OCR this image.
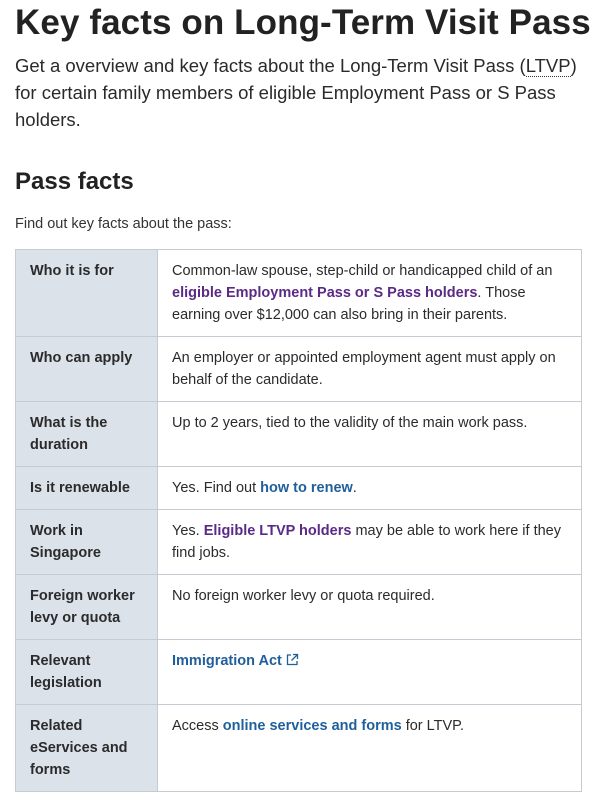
Key facts on Long-Term Visit Pass

Get a overview and key facts about the Long-Term Visit Pass (LTVP) for certain family members of eligible Employment Pass or S Pass holders.

Pass facts

Find out key facts about the pass:

Who it is for	Common-law spouse, step-child or handicapped child of an eligible Employment Pass or S Pass holders. Those earning over $12,000 can also bring in their parents.
Who can apply	An employer or appointed employment agent must apply on behalf of the candidate.
What is the duration	Up to 2 years, tied to the validity of the main work pass.
Is it renewable	Yes. Find out how to renew.
Work in Singapore	Yes. Eligible LTVP holders may be able to work here if they find jobs.
Foreign worker levy or quota	No foreign worker levy or quota required.
Relevant legislation	Immigration Act
Related eServices and forms	Access online services and forms for LTVP.
